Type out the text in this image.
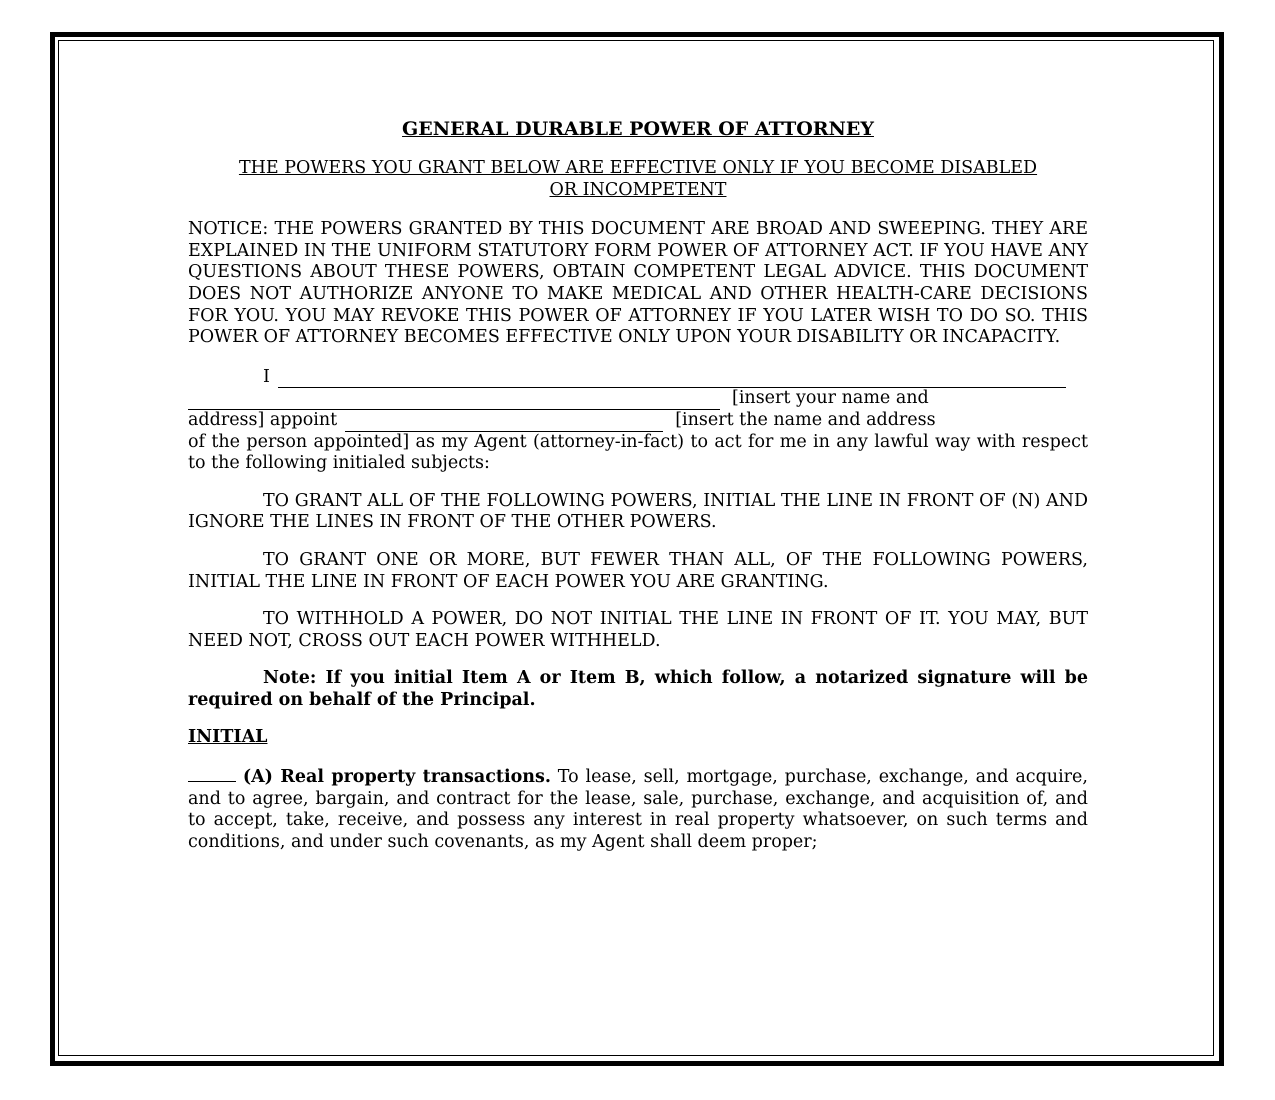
GENERAL DURABLE POWER OF ATTORNEY
THE POWERS YOU GRANT BELOW ARE EFFECTIVE ONLY IF YOU BECOME DISABLED OR INCOMPETENT
NOTICE: THE POWERS GRANTED BY THIS DOCUMENT ARE BROAD AND SWEEPING. THEY ARE EXPLAINED IN THE UNIFORM STATUTORY FORM POWER OF ATTORNEY ACT. IF YOU HAVE ANY QUESTIONS ABOUT THESE POWERS, OBTAIN COMPETENT LEGAL ADVICE. THIS DOCUMENT DOES NOT AUTHORIZE ANYONE TO MAKE MEDICAL AND OTHER HEALTH-CARE DECISIONS FOR YOU. YOU MAY REVOKE THIS POWER OF ATTORNEY IF YOU LATER WISH TO DO SO. THIS POWER OF ATTORNEY BECOMES EFFECTIVE ONLY UPON YOUR DISABILITY OR INCAPACITY.
I
[insert your name and
address] appoint	[insert the name and address
of the person appointed] as my Agent (attorney-in-fact) to act for me in any lawful way with respect to the following initialed subjects:
TO GRANT ALL OF THE FOLLOWING POWERS, INITIAL THE LINE IN FRONT OF (N) AND IGNORE THE LINES IN FRONT OF THE OTHER POWERS.
TO GRANT ONE OR MORE, BUT FEWER THAN ALL, OF THE FOLLOWING POWERS, INITIAL THE LINE IN FRONT OF EACH POWER YOU ARE GRANTING.
TO WITHHOLD A POWER, DO NOT INITIAL THE LINE IN FRONT OF IT. YOU MAY, BUT NEED NOT, CROSS OUT EACH POWER WITHHELD.
Note: If you initial Item A or Item B, which follow, a notarized signature will be required on behalf of the Principal.
INITIAL
(A) Real property transactions. To lease, sell, mortgage, purchase, exchange, and acquire, and to agree, bargain, and contract for the lease, sale, purchase, exchange, and acquisition of, and to accept, take, receive, and possess any interest in real property whatsoever, on such terms and conditions, and under such covenants, as my Agent shall deem proper;
